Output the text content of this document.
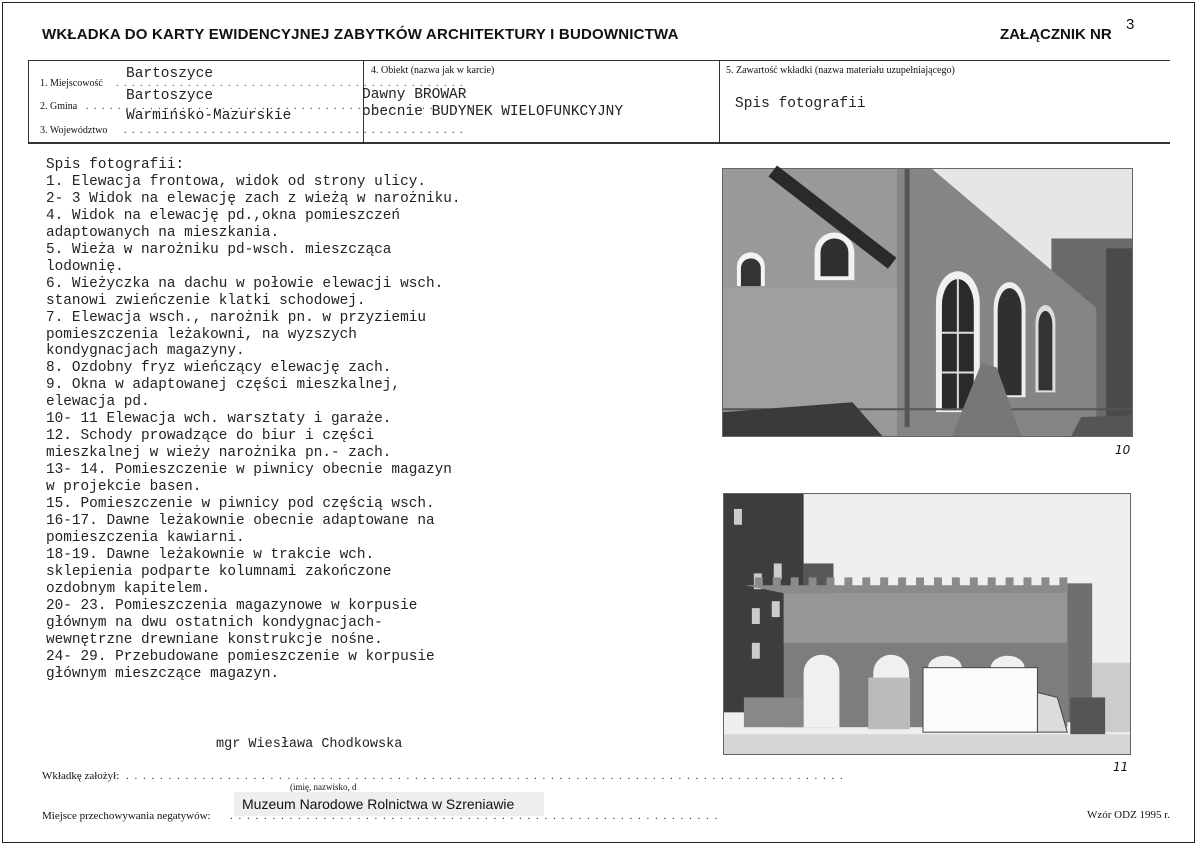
WKŁADKA DO KARTY EWIDENCYJNEJ ZABYTKÓW ARCHITEKTURY I BUDOWNICTWA	ZAŁĄCZNIK NR
3
1. Miejscowość . . . . . . . . . . . . . . . . . . . . . . . . . . . . . . . . . . . . . . . . . . . .
Bartoszyce
2. Gmina . . . . . . . . . . . . . . . . . . . . . . . . . . . . . . . . . . . . . . . . . . . . . . . . .
Bartoszyce
Warmińsko-Mazurskie
3. Województwo . . . . . . . . . . . . . . . . . . . . . . . . . . . . . . . . . . . . . . . . . . .
4. Obiekt (nazwa jak w karcie)
Dawny BROWAR
obecnie BUDYNEK WIELOFUNKCYJNY
5. Zawartość wkładki (nazwa materiału uzupełniającego)
Spis fotografii
Spis fotografii:
1. Elewacja frontowa, widok od strony ulicy.
2- 3 Widok na elewację zach z wieżą w narożniku.
4. Widok na elewację pd.,okna pomieszczeń
adaptowanych na mieszkania.
5. Wieża w narożniku pd-wsch. mieszcząca
lodownię.
6. Wieżyczka na dachu w połowie elewacji wsch.
stanowi zwieńczenie klatki schodowej.
7. Elewacja wsch., narożnik pn. w przyziemiu
pomieszczenia leżakowni, na wyzszych
kondygnacjach magazyny.
8. Ozdobny fryz wieńczący elewację zach.
9. Okna w adaptowanej części mieszkalnej,
elewacja pd.
10- 11 Elewacja wch. warsztaty i garaże.
12. Schody prowadzące do biur i części
mieszkalnej w wieży narożnika pn.- zach.
13- 14. Pomieszczenie w piwnicy obecnie magazyn
w projekcie basen.
15. Pomieszczenie w piwnicy pod częścią wsch.
16-17. Dawne leżakownie obecnie adaptowane na
pomieszczenia kawiarni.
18-19. Dawne leżakownie w trakcie wch.
sklepienia podparte kolumnami zakończone
ozdobnym kapitelem.
20- 23. Pomieszczenia magazynowe w korpusie
głównym na dwu ostatnich kondygnacjach-
wewnętrzne drewniane konstrukcje nośne.
24- 29. Przebudowane pomieszczenie w korpusie
głównym mieszczące magazyn.
10
11
mgr Wiesława Chodkowska
Wkładkę założył: . . . . . . . . . . . . . . . . . . . . . . . . . . . . . . . . . . . . . . . . . . . . . . . . . . . . . . . . . . . . . . . . . . . . . . . . . . . . . . . . . . . . .
(imię, nazwisko, d
Muzeum Narodowe Rolnictwa w Szreniawie
Miejsce przechowywania negatywów: . . . . . . . . . . . . . . . . . . . . . . . . . . . . . . . . . . . . . . . . . . . . . . . . . . . . . . . . . .	Wzór ODZ 1995 r.
